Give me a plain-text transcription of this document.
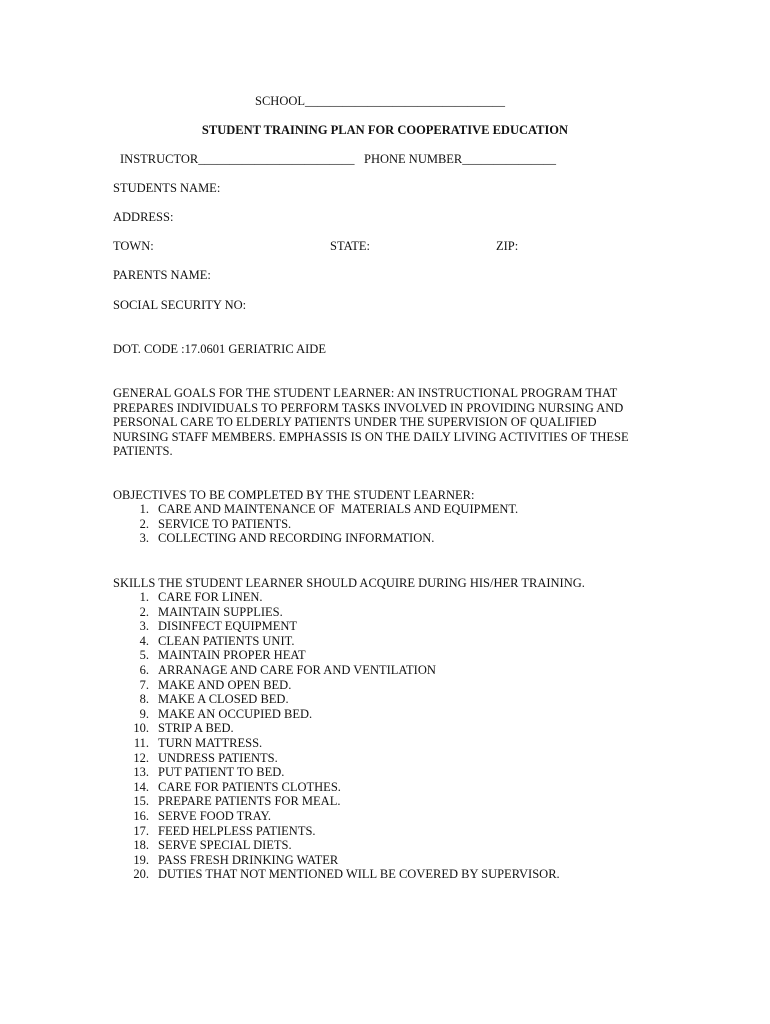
SCHOOL________________________________
STUDENT TRAINING PLAN FOR COOPERATIVE EDUCATION
INSTRUCTOR_________________________ PHONE NUMBER_______________
STUDENTS NAME:
ADDRESS:
TOWN:	STATE:	ZIP:
PARENTS NAME:
SOCIAL SECURITY NO:
DOT. CODE :17.0601 GERIATRIC AIDE
GENERAL GOALS FOR THE STUDENT LEARNER: AN INSTRUCTIONAL PROGRAM THAT PREPARES INDIVIDUALS TO PERFORM TASKS INVOLVED IN PROVIDING NURSING AND PERSONAL CARE TO ELDERLY PATIENTS UNDER THE SUPERVISION OF QUALIFIED NURSING STAFF MEMBERS. EMPHASSIS IS ON THE DAILY LIVING ACTIVITIES OF THESE PATIENTS.
OBJECTIVES TO BE COMPLETED BY THE STUDENT LEARNER:
1. CARE AND MAINTENANCE OF  MATERIALS AND EQUIPMENT.
2. SERVICE TO PATIENTS.
3. COLLECTING AND RECORDING INFORMATION.
SKILLS THE STUDENT LEARNER SHOULD ACQUIRE DURING HIS/HER TRAINING.
1. CARE FOR LINEN.
2. MAINTAIN SUPPLIES.
3. DISINFECT EQUIPMENT
4. CLEAN PATIENTS UNIT.
5. MAINTAIN PROPER HEAT
6. ARRANAGE AND CARE FOR AND VENTILATION
7. MAKE AND OPEN BED.
8. MAKE A CLOSED BED.
9. MAKE AN OCCUPIED BED.
10. STRIP A BED.
11. TURN MATTRESS.
12. UNDRESS PATIENTS.
13. PUT PATIENT TO BED.
14. CARE FOR PATIENTS CLOTHES.
15. PREPARE PATIENTS FOR MEAL.
16. SERVE FOOD TRAY.
17. FEED HELPLESS PATIENTS.
18. SERVE SPECIAL DIETS.
19. PASS FRESH DRINKING WATER
20. DUTIES THAT NOT MENTIONED WILL BE COVERED BY SUPERVISOR.
